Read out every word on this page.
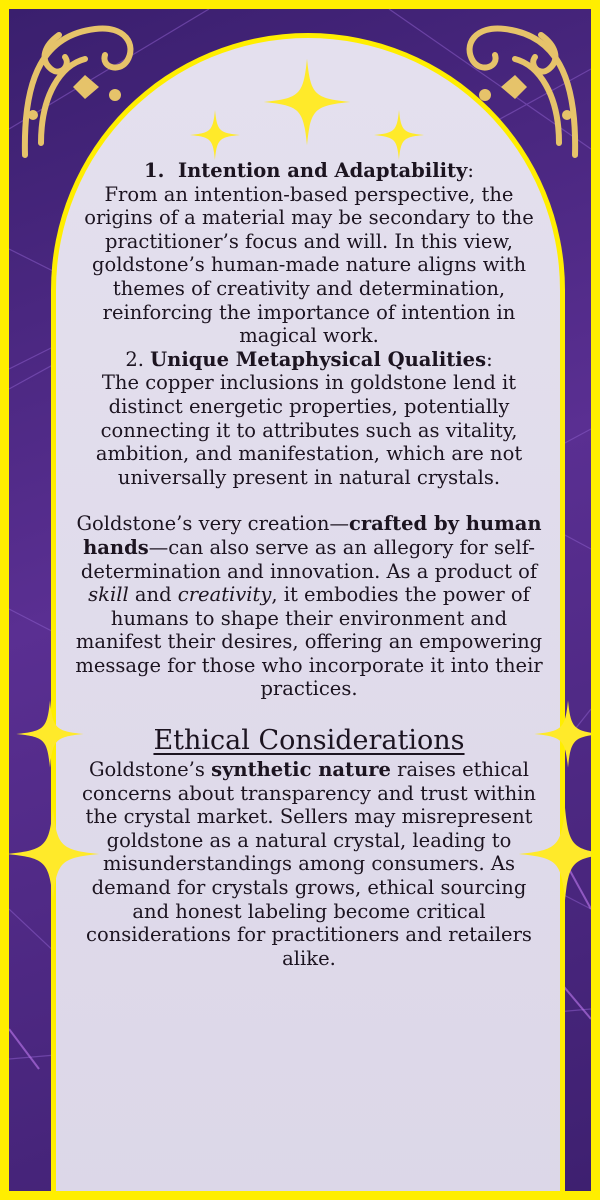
1. Intention and Adaptability:
From an intention-based perspective, the origins of a material may be secondary to the practitioner’s focus and will. In this view, goldstone’s human-made nature aligns with themes of creativity and determination, reinforcing the importance of intention in magical work.

2. Unique Metaphysical Qualities:
The copper inclusions in goldstone lend it distinct energetic properties, potentially connecting it to attributes such as vitality, ambition, and manifestation, which are not universally present in natural crystals.

Goldstone’s very creation—crafted by human hands—can also serve as an allegory for self-determination and innovation. As a product of skill and creativity, it embodies the power of humans to shape their environment and manifest their desires, offering an empowering message for those who incorporate it into their practices.

Ethical Considerations

Goldstone’s synthetic nature raises ethical concerns about transparency and trust within the crystal market. Sellers may misrepresent goldstone as a natural crystal, leading to misunderstandings among consumers. As demand for crystals grows, ethical sourcing and honest labeling become critical considerations for practitioners and retailers alike.
